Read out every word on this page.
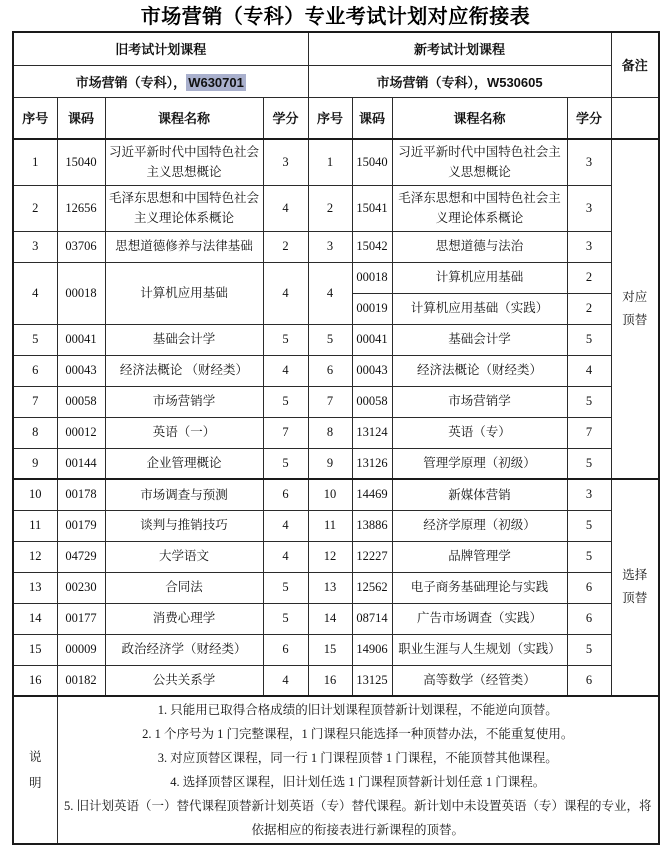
市场营销（专科）专业考试计划对应衔接表
旧考试计划课程				新考试计划课程				备注
市场营销（专科）， W630701				市场营销（专科），W530605				
序号	课码	课程名称	学分	序号	课码	课程名称	学分	
1	15040	习近平新时代中国特色社会主义思想概论	3	1	15040	习近平新时代中国特色社会主义思想概论	3	对应顶替
2	12656	毛泽东思想和中国特色社会主义理论体系概论	4	2	15041	毛泽东思想和中国特色社会主义理论体系概论	3	
3	03706	思想道德修养与法律基础	2	3	15042	思想道德与法治	3	
4	00018	计算机应用基础	4	4	00018	计算机应用基础	2	
					00019	计算机应用基础（实践）	2	
5	00041	基础会计学	5	5	00041	基础会计学	5	
6	00043	经济法概论 （财经类）	4	6	00043	经济法概论（财经类）	4	
7	00058	市场营销学	5	7	00058	市场营销学	5	
8	00012	英语（一）	7	8	13124	英语（专）	7	
9	00144	企业管理概论	5	9	13126	管理学原理（初级）	5	
10	00178	市场调查与预测	6	10	14469	新媒体营销	3	选择顶替
11	00179	谈判与推销技巧	4	11	13886	经济学原理（初级）	5	
12	04729	大学语文	4	12	12227	品牌管理学	5	
13	00230	合同法	5	13	12562	电子商务基础理论与实践	6	
14	00177	消费心理学	5	14	08714	广告市场调查（实践）	6	
15	00009	政治经济学（财经类）	6	15	14906	职业生涯与人生规划（实践）	5	
16	00182	公共关系学	4	16	13125	高等数学（经管类）	6	
说明	1. 只能用已取得合格成绩的旧计划课程顶替新计划课程，不能逆向顶替。
2. 1 个序号为 1 门完整课程，1 门课程只能选择一种顶替办法，不能重复使用。
3. 对应顶替区课程，同一行 1 门课程顶替 1 门课程，不能顶替其他课程。
4. 选择顶替区课程，旧计划任选 1 门课程顶替新计划任意 1 门课程。
5. 旧计划英语（一）替代课程顶替新计划英语（专）替代课程。新计划中未设置英语（专）课程的专业，将依据相应的衔接表进行新课程的顶替。							
